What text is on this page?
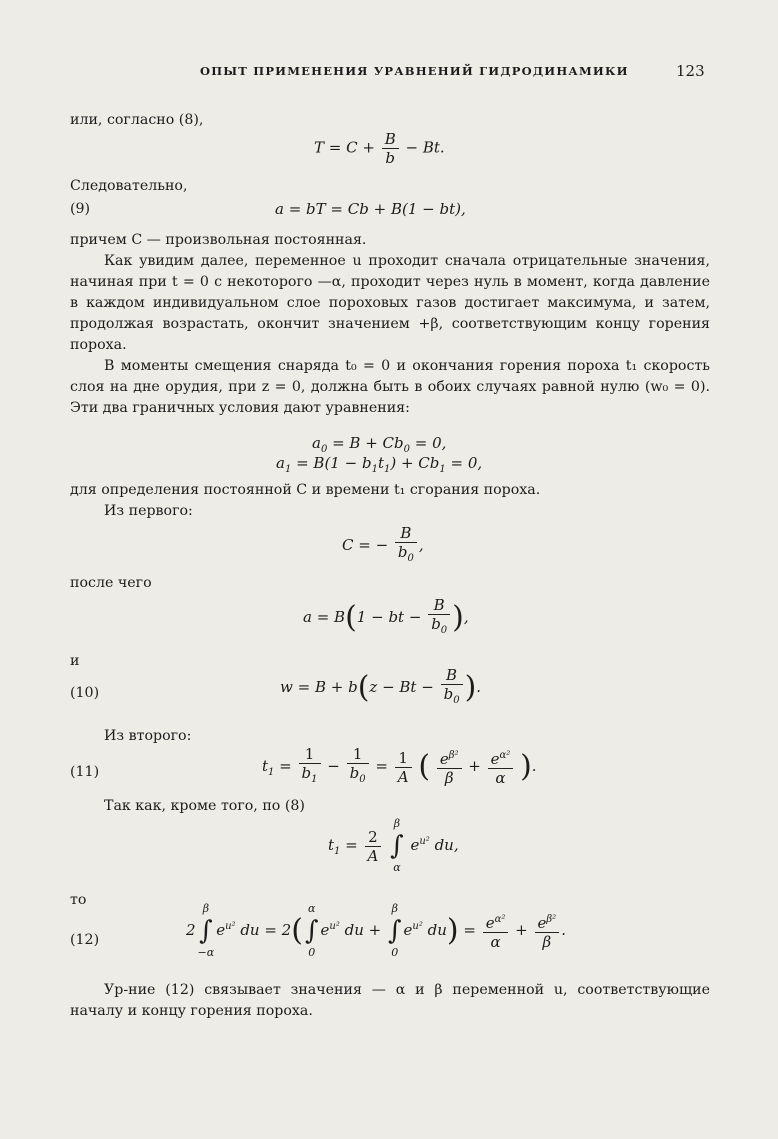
ОПЫТ ПРИМЕНЕНИЯ УРАВНЕНИЙ ГИДРОДИНАМИКИ	123
или, согласно (8),
$T = C + \frac{B}{b} - Bt$.
Следовательно,
(9)	a = bT = Cb + B(1 − bt),
причем C — произвольная постоянная.
Как увидим далее, переменное u проходит сначала отрицательные значения, начиная при t = 0 с некоторого —α, проходит через нуль в момент, когда давление в каждом индивидуальном слое пороховых газов достигает максимума, и затем, продолжая возрастать, окончит значением +β, соответствующим концу горения пороха.
В моменты смещения снаряда t₀ = 0 и окончания горения пороха t₁ скорость слоя на дне орудия, при z = 0, должна быть в обоих случаях равной нулю (w₀ = 0). Эти два граничных условия дают уравнения:
$a_0 = B + Cb_0 = 0$,
$a_1 = B(1 - b_1t_1) + Cb_1 = 0$,
для определения постоянной C и времени t₁ сгорания пороха.
Из первого:
C = − $\frac{B}{b_0}$ ,
после чего
a = B(1 − bt − $\frac{B}{b_0}$ ),
и
(10)	$w = B + b(z - Bt - \frac{B}{b_0}$ ).
Из второго:
(11)	$t_1 = \frac{1}{b_1} - \frac{1}{b_0} = \frac{1}{A}$ ( $\frac{e^{\beta^2}}{\beta} + \frac{e^{\alpha^2}}{\alpha}$ ).
Так как, кроме того, по (8)
$t_1 = \frac{2}{A}$

β
∫
α
$e^{u^2}$ du,
то
(12)
2
β
∫
−α
$e^{u^2}$ du = 2(
α
∫
0
$e^{u^2}$ du +
β
∫
0
$e^{u^2}$ $du) = \frac{e^{\alpha^2}}{\alpha} + \frac{e^{\beta^2}}{\beta}$ .
Ур-ние (12) связывает значения — α и β переменной u, соответствующие началу и концу горения пороха.
